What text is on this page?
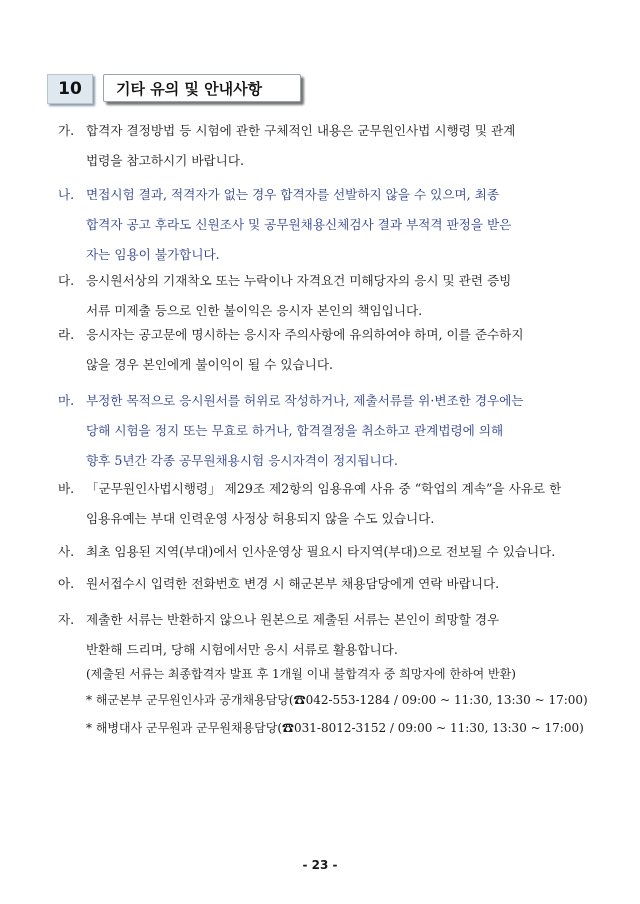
10	기타 유의 및 안내사항
가. 합격자 결정방법 등 시험에 관한 구체적인 내용은 군무원인사법 시행령 및 관계
법령을 참고하시기 바랍니다.
나. 면접시험 결과, 적격자가 없는 경우 합격자를 선발하지 않을 수 있으며, 최종
합격자 공고 후라도 신원조사 및 공무원채용신체검사 결과 부적격 판정을 받은
자는 임용이 불가합니다.
다. 응시원서상의 기재착오 또는 누락이나 자격요건 미해당자의 응시 및 관련 증빙
서류 미제출 등으로 인한 불이익은 응시자 본인의 책임입니다.
라. 응시자는 공고문에 명시하는 응시자 주의사항에 유의하여야 하며, 이를 준수하지
않을 경우 본인에게 불이익이 될 수 있습니다.
마. 부정한 목적으로 응시원서를 허위로 작성하거나, 제출서류를 위·변조한 경우에는
당해 시험을 정지 또는 무효로 하거나, 합격결정을 취소하고 관계법령에 의해
향후 5년간 각종 공무원채용시험 응시자격이 정지됩니다.
바. 「군무원인사법시행령」 제29조 제2항의 임용유예 사유 중 “학업의 계속”을 사유로 한
임용유예는 부대 인력운영 사정상 허용되지 않을 수도 있습니다.
사. 최초 임용된 지역(부대)에서 인사운영상 필요시 타지역(부대)으로 전보될 수 있습니다.
아. 원서접수시 입력한 전화번호 변경 시 해군본부 채용담당에게 연락 바랍니다.
자. 제출한 서류는 반환하지 않으나 원본으로 제출된 서류는 본인이 희망할 경우
반환해 드리며, 당해 시험에서만 응시 서류로 활용합니다.
(제출된 서류는 최종합격자 발표 후 1개월 이내 불합격자 중 희망자에 한하여 반환)
* 해군본부 군무원인사과 공개채용담당(☎042-553-1284 / 09:00 ~ 11:30, 13:30 ~ 17:00)
* 해병대사 군무원과 군무원채용담당(☎031-8012-3152 / 09:00 ~ 11:30, 13:30 ~ 17:00)
- 23 -
